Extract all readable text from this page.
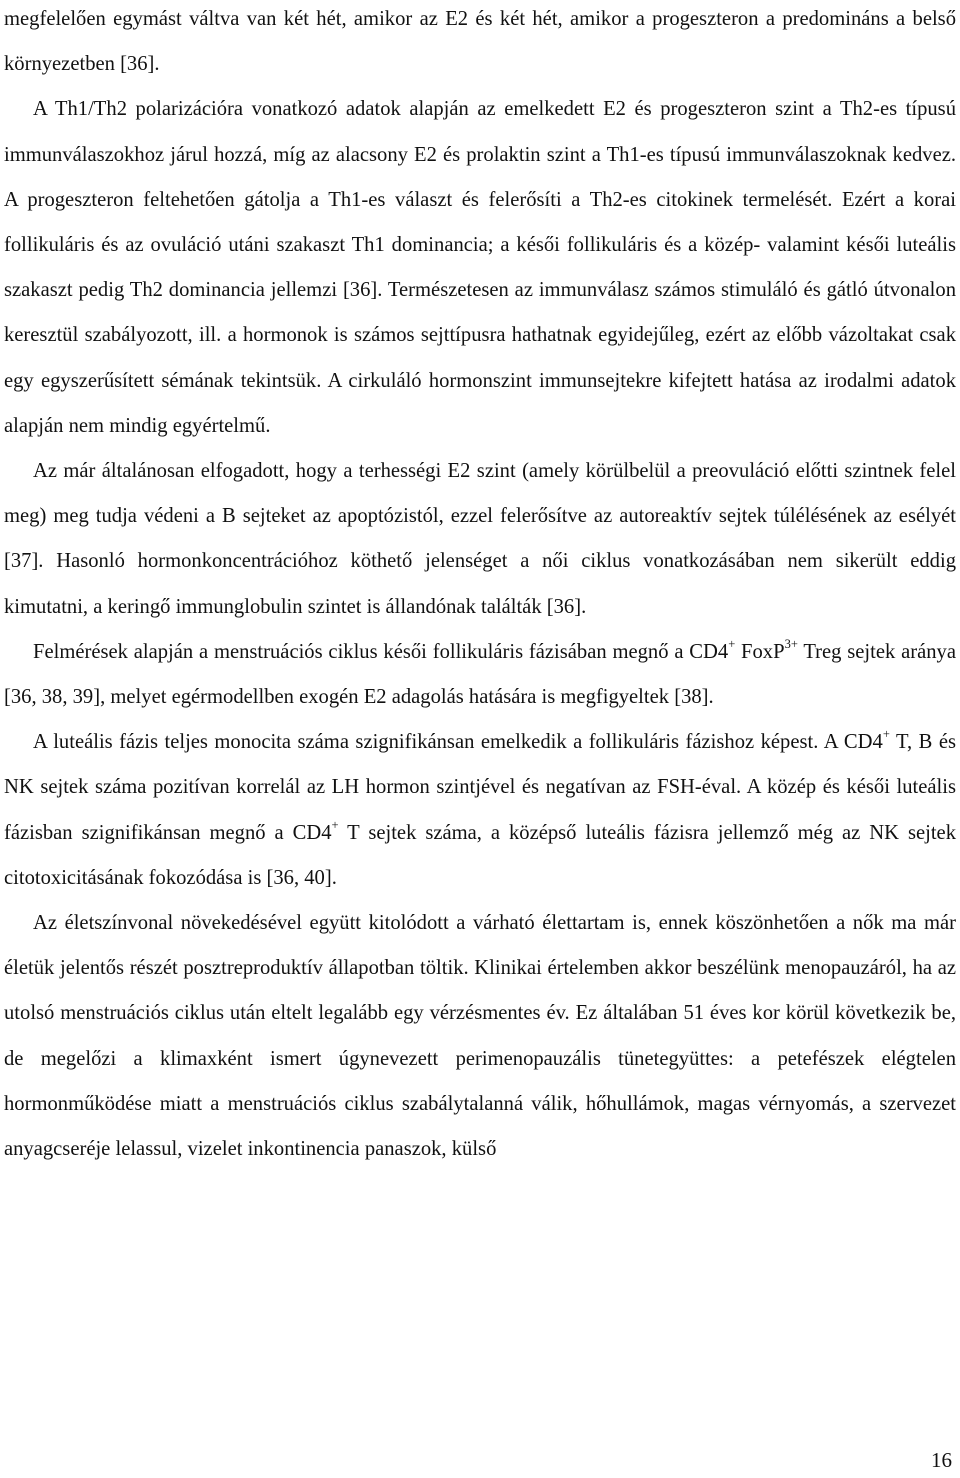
megfelelően egymást váltva van két hét, amikor az E2 és két hét, amikor a progeszteron a predomináns a belső környezetben [36].

A Th1/Th2 polarizációra vonatkozó adatok alapján az emelkedett E2 és progeszteron szint a Th2-es típusú immunválaszokhoz járul hozzá, míg az alacsony E2 és prolaktin szint a Th1-es típusú immunválaszoknak kedvez. A progeszteron feltehetően gátolja a Th1-es választ és felerősíti a Th2-es citokinek termelését. Ezért a korai follikuláris és az ovuláció utáni szakaszt Th1 dominancia; a késői follikuláris és a közép- valamint késői luteális szakaszt pedig Th2 dominancia jellemzi [36]. Természetesen az immunválasz számos stimuláló és gátló útvonalon keresztül szabályozott, ill. a hormonok is számos sejttípusra hathatnak egyidejűleg, ezért az előbb vázoltakat csak egy egyszerűsített sémának tekintsük. A cirkuláló hormonszint immunsejtekre kifejtett hatása az irodalmi adatok alapján nem mindig egyértelmű.

Az már általánosan elfogadott, hogy a terhességi E2 szint (amely körülbelül a preovuláció előtti szintnek felel meg) meg tudja védeni a B sejteket az apoptózistól, ezzel felerősítve az autoreaktív sejtek túlélésének az esélyét [37]. Hasonló hormonkoncentrációhoz köthető jelenséget a női ciklus vonatkozásában nem sikerült eddig kimutatni, a keringő immunglobulin szintet is állandónak találták [36].

Felmérések alapján a menstruációs ciklus késői follikuláris fázisában megnő a CD4+ FoxP$^{3+}$ Treg sejtek aránya [36, 38, 39], melyet egérmodellben exogén E2 adagolás hatására is megfigyeltek [38].

A luteális fázis teljes monocita száma szignifikánsan emelkedik a follikuláris fázishoz képest. A CD4+ T, B és NK sejtek száma pozitívan korrelál az LH hormon szintjével és negatívan az FSH-éval. A közép és késői luteális fázisban szignifikánsan megnő a CD4+ T sejtek száma, a középső luteális fázisra jellemző még az NK sejtek citotoxicitásának fokozódása is [36, 40].

Az életszínvonal növekedésével együtt kitolódott a várható élettartam is, ennek köszönhetően a nők ma már életük jelentős részét posztreproduktív állapotban töltik. Klinikai értelemben akkor beszélünk menopauzáról, ha az utolsó menstruációs ciklus után eltelt legalább egy vérzésmentes év. Ez általában 51 éves kor körül következik be, de megelőzi a klimaxként ismert úgynevezett perimenopauzális tünetegyüttes: a petefészek elégtelen hormonműködése miatt a menstruációs ciklus szabálytalanná válik, hőhullámok, magas vérnyomás, a szervezet anyagcseréje lelassul, vizelet inkontinencia panaszok, külső

16
